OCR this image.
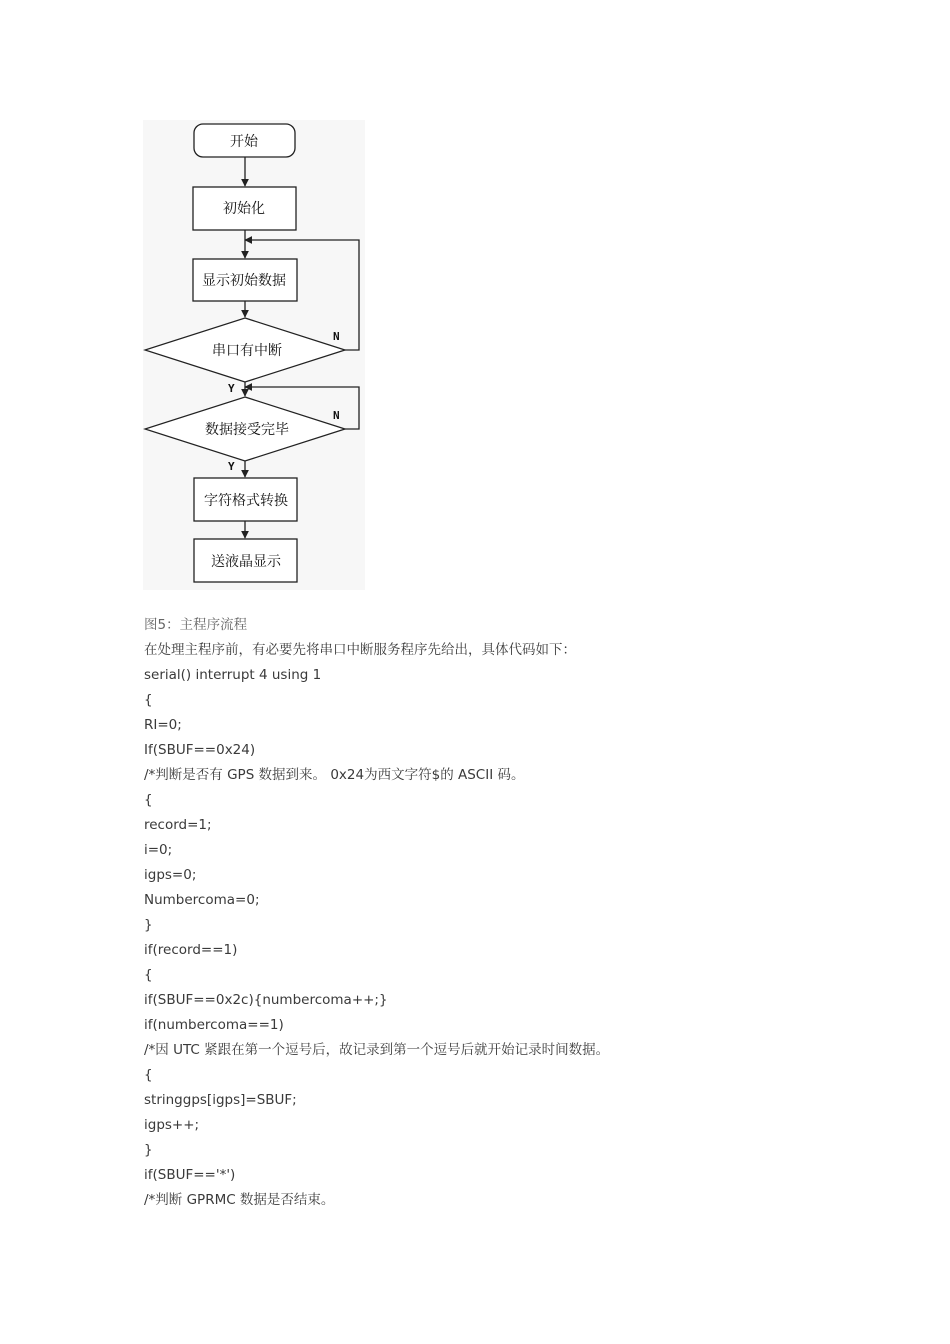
开始
初始化
显示初始数据
串口有中断
N
Y
数据接受完毕
N
Y
字符格式转换
送液晶显示
图5：主程序流程
在处理主程序前，有必要先将串口中断服务程序先给出，具体代码如下：
serial() interrupt 4 using 1
{
RI=0;
If(SBUF==0x24)
/*判断是否有 GPS 数据到来。 0x24为西文字符$的 ASCII 码。
{
record=1;
i=0;
igps=0;
Numbercoma=0;
}
if(record==1)
{
if(SBUF==0x2c){numbercoma++;}
if(numbercoma==1)
/*因 UTC 紧跟在第一个逗号后，故记录到第一个逗号后就开始记录时间数据。
{
stringgps[igps]=SBUF;
igps++;
}
if(SBUF=='*')
/*判断 GPRMC 数据是否结束。
